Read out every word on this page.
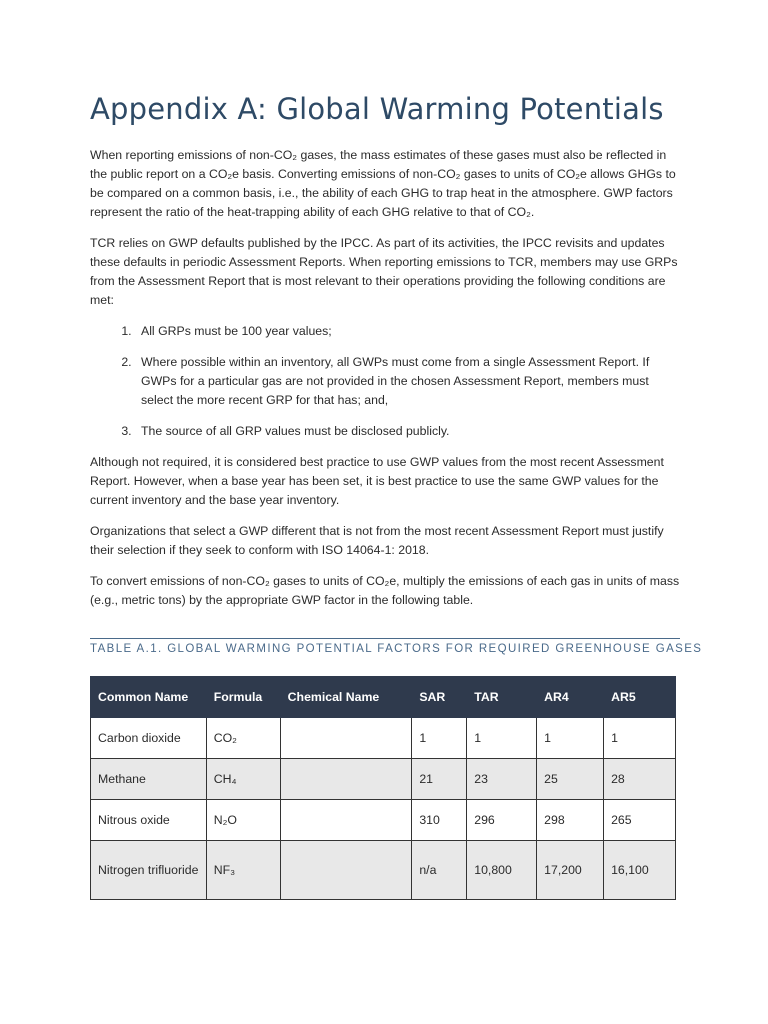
Appendix A: Global Warming Potentials

When reporting emissions of non-CO₂ gases, the mass estimates of these gases must also be reflected in the public report on a CO₂e basis. Converting emissions of non-CO₂ gases to units of CO₂e allows GHGs to be compared on a common basis, i.e., the ability of each GHG to trap heat in the atmosphere. GWP factors represent the ratio of the heat-trapping ability of each GHG relative to that of CO₂.

TCR relies on GWP defaults published by the IPCC. As part of its activities, the IPCC revisits and updates these defaults in periodic Assessment Reports. When reporting emissions to TCR, members may use GRPs from the Assessment Report that is most relevant to their operations providing the following conditions are met:

1. All GRPs must be 100 year values;
2. Where possible within an inventory, all GWPs must come from a single Assessment Report. If GWPs for a particular gas are not provided in the chosen Assessment Report, members must select the more recent GRP for that has; and,
3. The source of all GRP values must be disclosed publicly.

Although not required, it is considered best practice to use GWP values from the most recent Assessment Report. However, when a base year has been set, it is best practice to use the same GWP values for the current inventory and the base year inventory.

Organizations that select a GWP different that is not from the most recent Assessment Report must justify their selection if they seek to conform with ISO 14064-1: 2018.

To convert emissions of non-CO₂ gases to units of CO₂e, multiply the emissions of each gas in units of mass (e.g., metric tons) by the appropriate GWP factor in the following table.

TABLE A.1. GLOBAL WARMING POTENTIAL FACTORS FOR REQUIRED GREENHOUSE GASES
Common Name	Formula	Chemical Name	SAR	TAR	AR4	AR5
Carbon dioxide	CO₂		1	1	1	1
Methane	CH₄		21	23	25	28
Nitrous oxide	N₂O		310	296	298	265
Nitrogen trifluoride	NF₃		n/a	10,800	17,200	16,100
